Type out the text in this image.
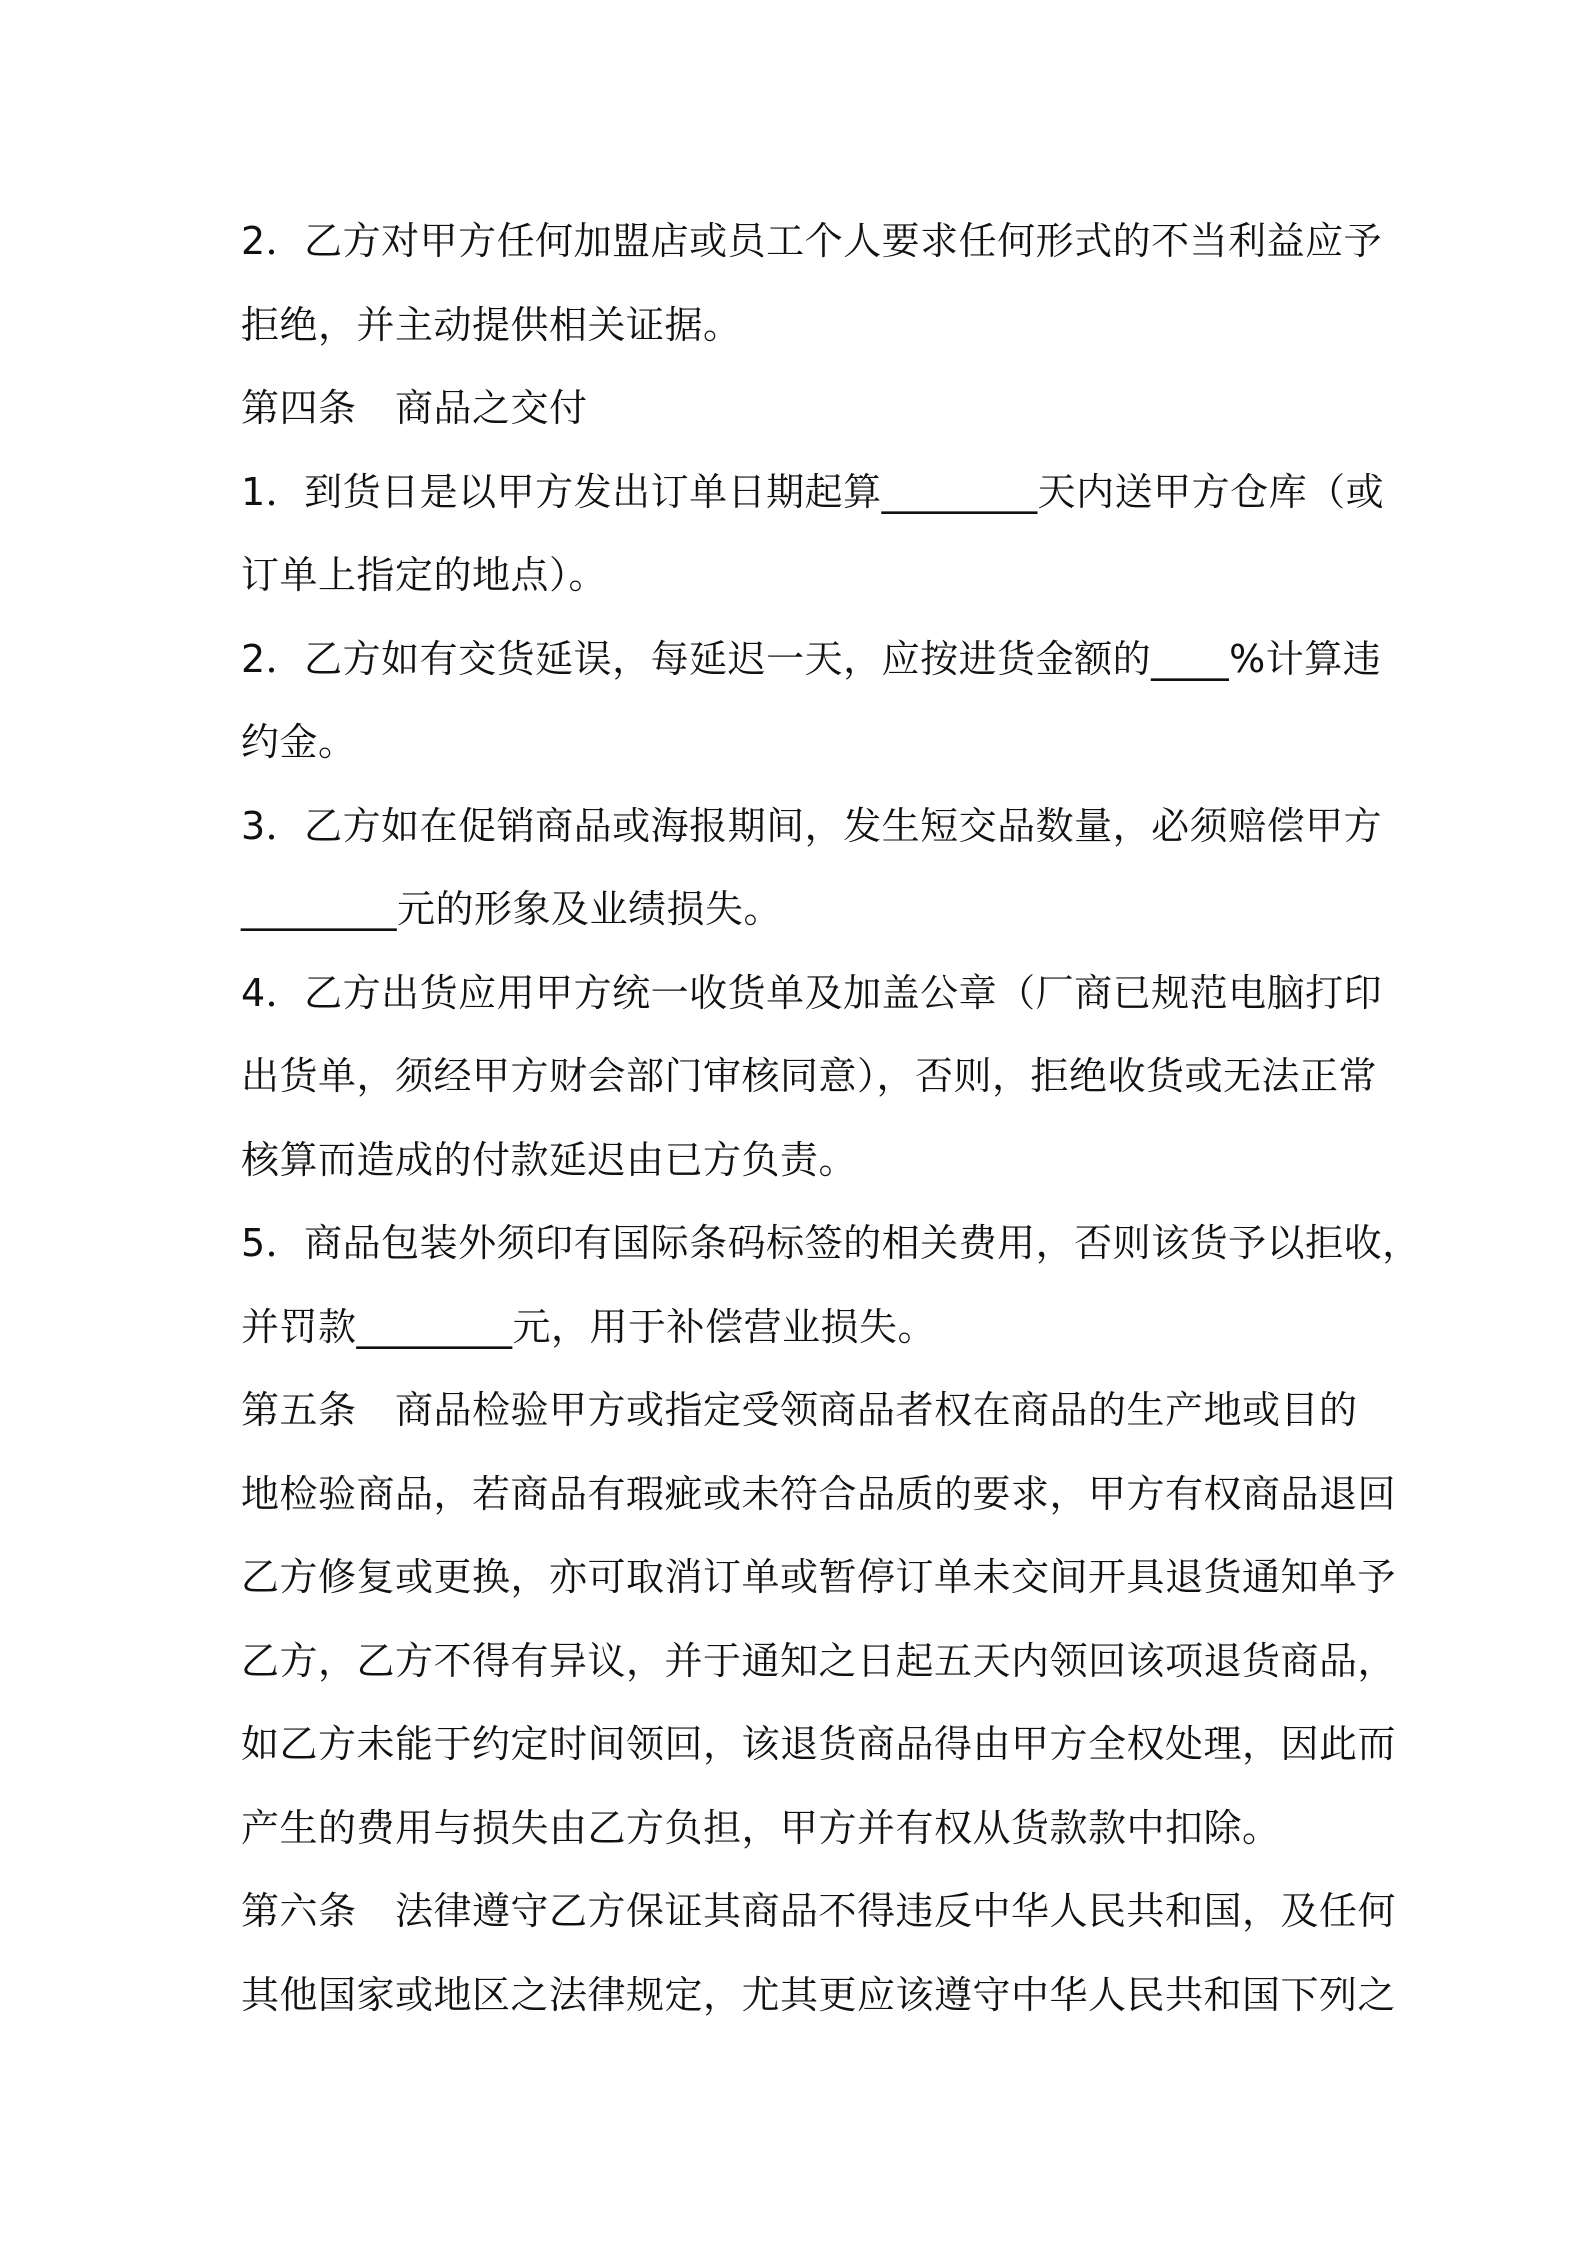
2．乙方对甲方任何加盟店或员工个人要求任何形式的不当利益应予
拒绝，并主动提供相关证据。
第四条　商品之交付
1．到货日是以甲方发出订单日期起算________天内送甲方仓库（或
订单上指定的地点）。
2．乙方如有交货延误，每延迟一天，应按进货金额的____%计算违
约金。
3．乙方如在促销商品或海报期间，发生短交品数量，必须赔偿甲方
________元的形象及业绩损失。
4．乙方出货应用甲方统一收货单及加盖公章（厂商已规范电脑打印
出货单，须经甲方财会部门审核同意），否则，拒绝收货或无法正常
核算而造成的付款延迟由已方负责。
5．商品包装外须印有国际条码标签的相关费用，否则该货予以拒收，
并罚款________元，用于补偿营业损失。
第五条　商品检验甲方或指定受领商品者权在商品的生产地或目的
地检验商品，若商品有瑕疵或未符合品质的要求，甲方有权商品退回
乙方修复或更换，亦可取消订单或暂停订单未交间开具退货通知单予
乙方，乙方不得有异议，并于通知之日起五天内领回该项退货商品，
如乙方未能于约定时间领回，该退货商品得由甲方全权处理，因此而
产生的费用与损失由乙方负担，甲方并有权从货款款中扣除。
第六条　法律遵守乙方保证其商品不得违反中华人民共和国，及任何
其他国家或地区之法律规定，尤其更应该遵守中华人民共和国下列之
